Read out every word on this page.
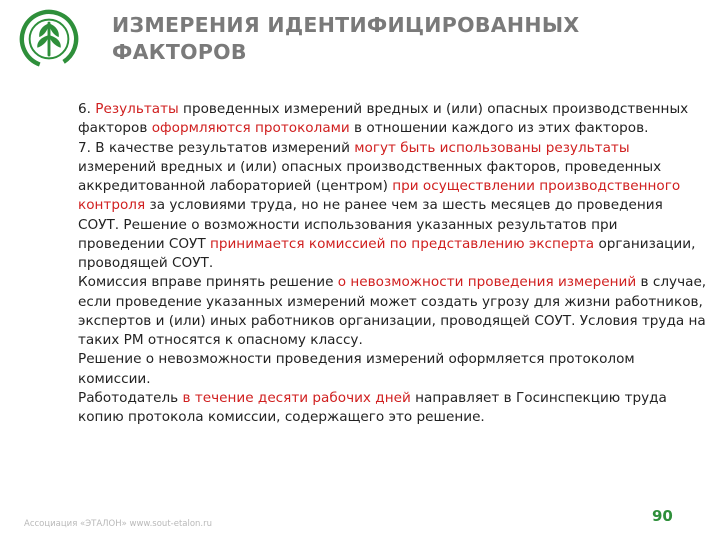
ИЗМЕРЕНИЯ ИДЕНТИФИЦИРОВАННЫХ
ФАКТОРОВ

6. Результаты проведенных измерений вредных и (или) опасных производственных факторов оформляются протоколами в отношении каждого из этих факторов.

7. В качестве результатов измерений могут быть использованы результаты измерений вредных и (или) опасных производственных факторов, проведенных аккредитованной лабораторией (центром) при осуществлении производственного контроля за условиями труда, но не ранее чем за шесть месяцев до проведения СОУТ. Решение о возможности использования указанных результатов при проведении СОУТ принимается комиссией по представлению эксперта организации, проводящей СОУТ.

Комиссия вправе принять решение о невозможности проведения измерений в случае, если проведение указанных измерений может создать угрозу для жизни работников, экспертов и (или) иных работников организации, проводящей СОУТ. Условия труда на таких РМ относятся к опасному классу.

Решение о невозможности проведения измерений оформляется протоколом комиссии.

Работодатель в течение десяти рабочих дней направляет в Госинспекцию труда копию протокола комиссии, содержащего это решение.

Ассоциация «ЭТАЛОН» www.sout-etalon.ru	90
